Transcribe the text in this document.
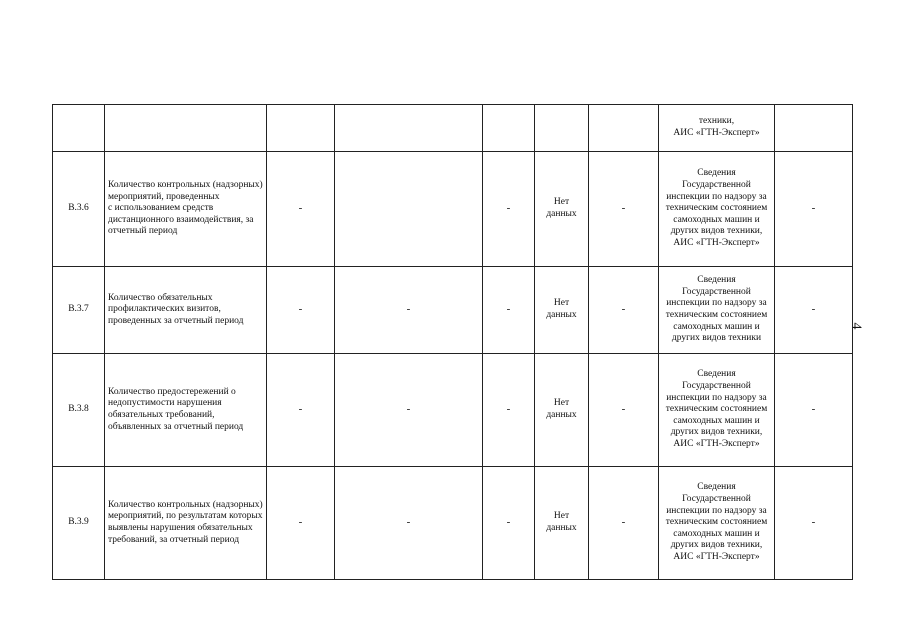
4
							техники,
АИС «ГТН-Эксперт»	
В.3.6	Количество контрольных (надзорных) мероприятий, проведенных
с использованием средств дистанционного взаимодействия, за отчетный период	-		-	Нет данных	-	Сведения Государственной инспекции по надзору за техническим состоянием самоходных машин и других видов техники,
АИС «ГТН-Эксперт»	-
В.3.7	Количество обязательных профилактических визитов, проведенных за отчетный период	-	-	-	Нет данных	-	Сведения Государственной инспекции по надзору за техническим состоянием самоходных машин и других видов техники	-
В.3.8	Количество предостережений о недопустимости нарушения обязательных требований, объявленных за отчетный период	-	-	-	Нет данных	-	Сведения Государственной инспекции по надзору за техническим состоянием самоходных машин и других видов техники,
АИС «ГТН-Эксперт»	-
В.3.9	Количество контрольных (надзорных) мероприятий, по результатам которых выявлены нарушения обязательных требований, за отчетный период	-	-	-	Нет данных	-	Сведения Государственной инспекции по надзору за техническим состоянием самоходных машин и других видов техники,
АИС «ГТН-Эксперт»	-
